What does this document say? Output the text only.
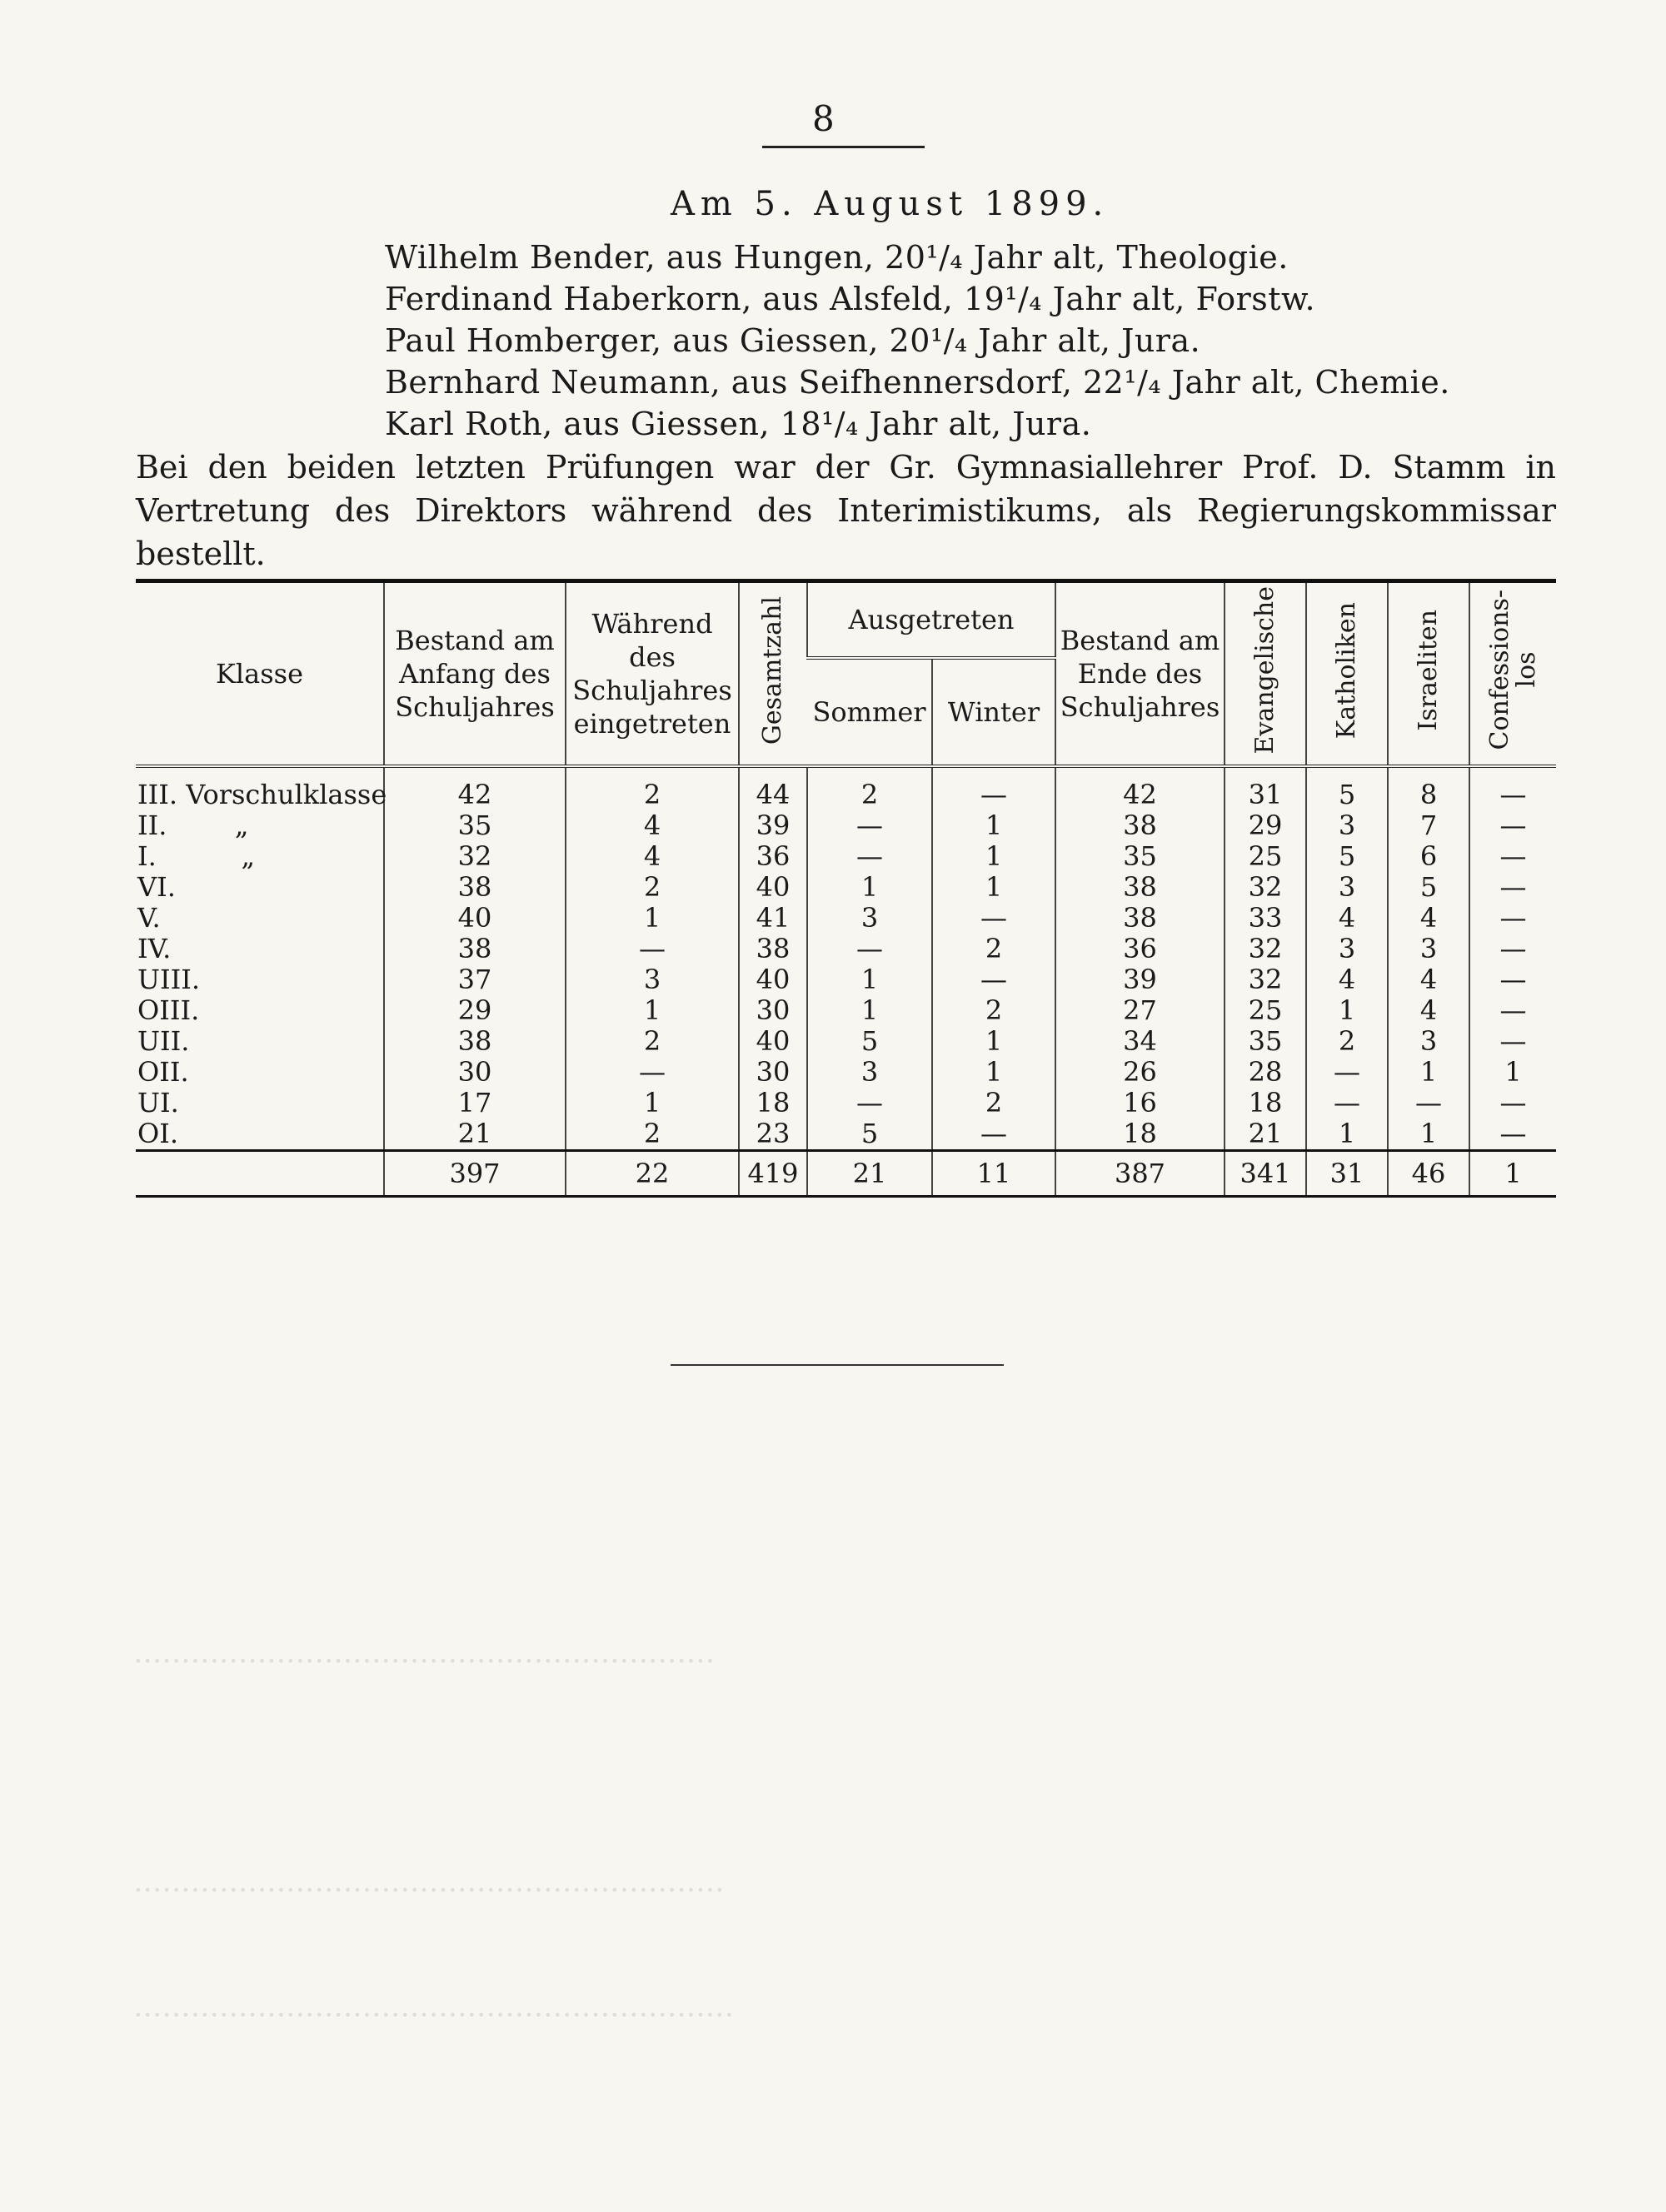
·····························································
······························································
·······························································
8
Am 5. August 1899.
Wilhelm Bender, aus Hungen, 20¹/₄ Jahr alt, Theologie.
Ferdinand Haberkorn, aus Alsfeld, 19¹/₄ Jahr alt, Forstw.
Paul Homberger, aus Giessen, 20¹/₄ Jahr alt, Jura.
Bernhard Neumann, aus Seifhennersdorf, 22¹/₄ Jahr alt, Chemie.
Karl Roth, aus Giessen, 18¹/₄ Jahr alt, Jura.
Bei den beiden letzten Prüfungen war der Gr. Gymnasiallehrer Prof. D. Stamm in Vertretung des Direktors während des Interimistikums, als Regierungskommissar bestellt.
Klasse	Bestand am Anfang des Schuljahres	Während des Schuljahres eingetreten	Gesamtzahl	Ausgetreten		Bestand am Ende des Schuljahres	Evangelische	Katholiken	Israeliten	Confessions-
los
				Sommer	Winter					
III. Vorschulklasse	42	2	44	2	—	42	31	5	8	—
II.        „	35	4	39	—	1	38	29	3	7	—
I.          „	32	4	36	—	1	35	25	5	6	—
VI.	38	2	40	1	1	38	32	3	5	—
V.	40	1	41	3	—	38	33	4	4	—
IV.	38	—	38	—	2	36	32	3	3	—
UIII.	37	3	40	1	—	39	32	4	4	—
OIII.	29	1	30	1	2	27	25	1	4	—
UII.	38	2	40	5	1	34	35	2	3	—
OII.	30	—	30	3	1	26	28	—	1	1
UI.	17	1	18	—	2	16	18	—	—	—
OI.	21	2	23	5	—	18	21	1	1	—
	397	22	419	21	11	387	341	31	46	1
